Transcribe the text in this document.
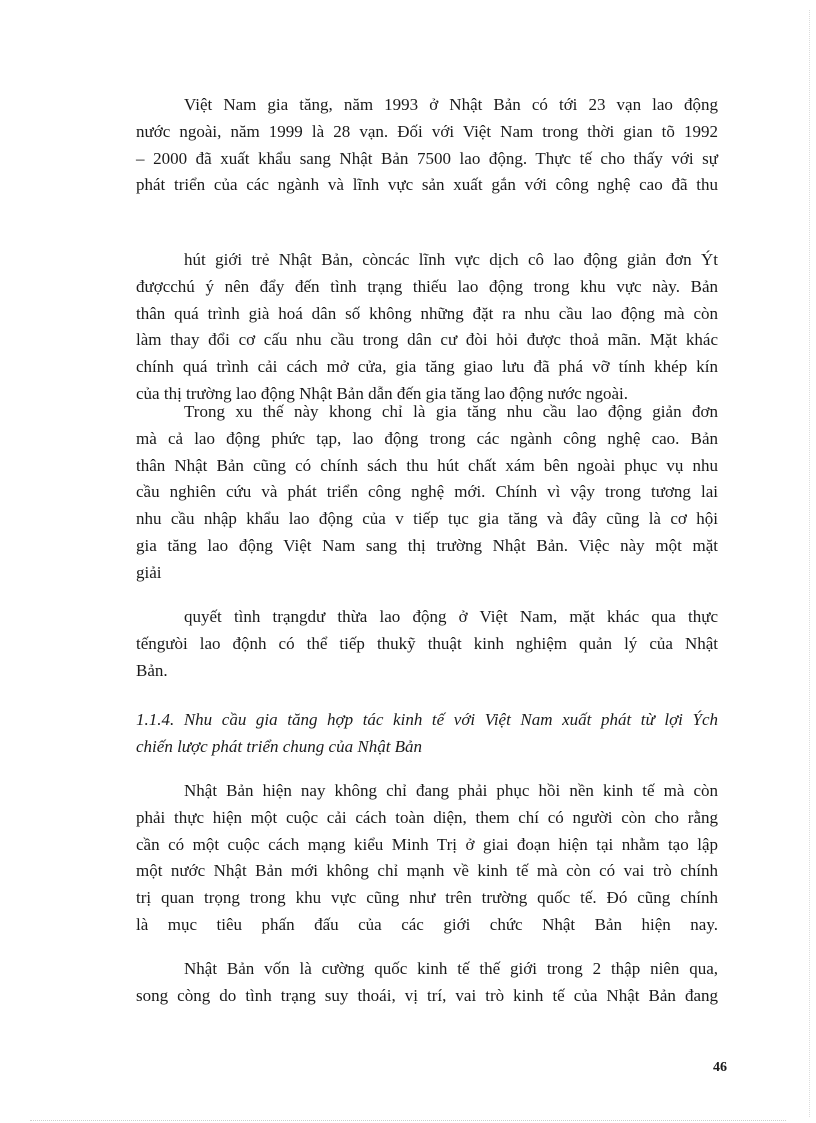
Việt Nam gia tăng, năm 1993 ở Nhật Bản có tới 23 vạn lao động
nước ngoài, năm 1999 là 28 vạn. Đối với Việt Nam trong thời gian tõ 1992
– 2000 đã xuất khẩu sang Nhật Bản 7500 lao động. Thực tế cho thấy với sự
phát triển của các ngành và lĩnh vực sản xuất gắn với công nghệ cao đã thu
hút giới trẻ Nhật Bản, còncác lĩnh vực dịch cô lao động giản đơn Ýt
đượcchú ý nên đẩy đến tình trạng thiếu lao động trong khu vực này. Bản
thân quá trình già hoá dân số không những đặt ra nhu cầu lao động mà còn
làm thay đổi cơ cấu nhu cầu trong dân cư đòi hỏi được thoả mãn. Mặt khác
chính quá trình cải cách mở cửa, gia tăng giao lưu đã phá vỡ tính khép kín
của thị trường lao động Nhật Bản dẫn đến gia tăng lao động nước ngoài.
Trong xu thế này khong chỉ là gia tăng nhu cầu lao động giản đơn
mà cả lao động phức tạp, lao động trong các ngành công nghệ cao. Bản
thân Nhật Bản cũng có chính sách thu hút chất xám bên ngoài phục vụ nhu
cầu nghiên cứu và phát triển công nghệ mới. Chính vì vậy trong tương lai
nhu cầu nhập khẩu lao động của v tiếp tục gia tăng và đây cũng là cơ hội
gia tăng lao động Việt Nam sang thị trường Nhật Bản. Việc này một mặt
giải
quyết tình trạngdư thừa lao động ở Việt Nam, mặt khác qua thực
tếngưòi lao độnh có thể tiếp thukỹ thuật kinh nghiệm quản lý của Nhật
Bản.
1.1.4. Nhu cầu gia tăng hợp tác kinh tế với Việt Nam xuất phát từ lợi Ých
chiến lược phát triển chung của Nhật Bản
Nhật Bản hiện nay không chỉ đang phải phục hồi nền kinh tế mà còn
phải thực hiện một cuộc cải cách toàn diện, them chí có người còn cho rằng
cần có một cuộc cách mạng kiểu Minh Trị ở giai đoạn hiện tại nhằm tạo lập
một nước Nhật Bản mới không chỉ mạnh về kinh tế mà còn có vai trò chính
trị quan trọng trong khu vực cũng như trên trường quốc tế. Đó cũng chính
là mục tiêu phấn đấu của các giới chức Nhật Bản hiện nay.
Nhật Bản vốn là cường quốc kinh tế thế giới trong 2 thập niên qua,
song còng do tình trạng suy thoái, vị trí, vai trò kinh tế của Nhật Bản đang
46
